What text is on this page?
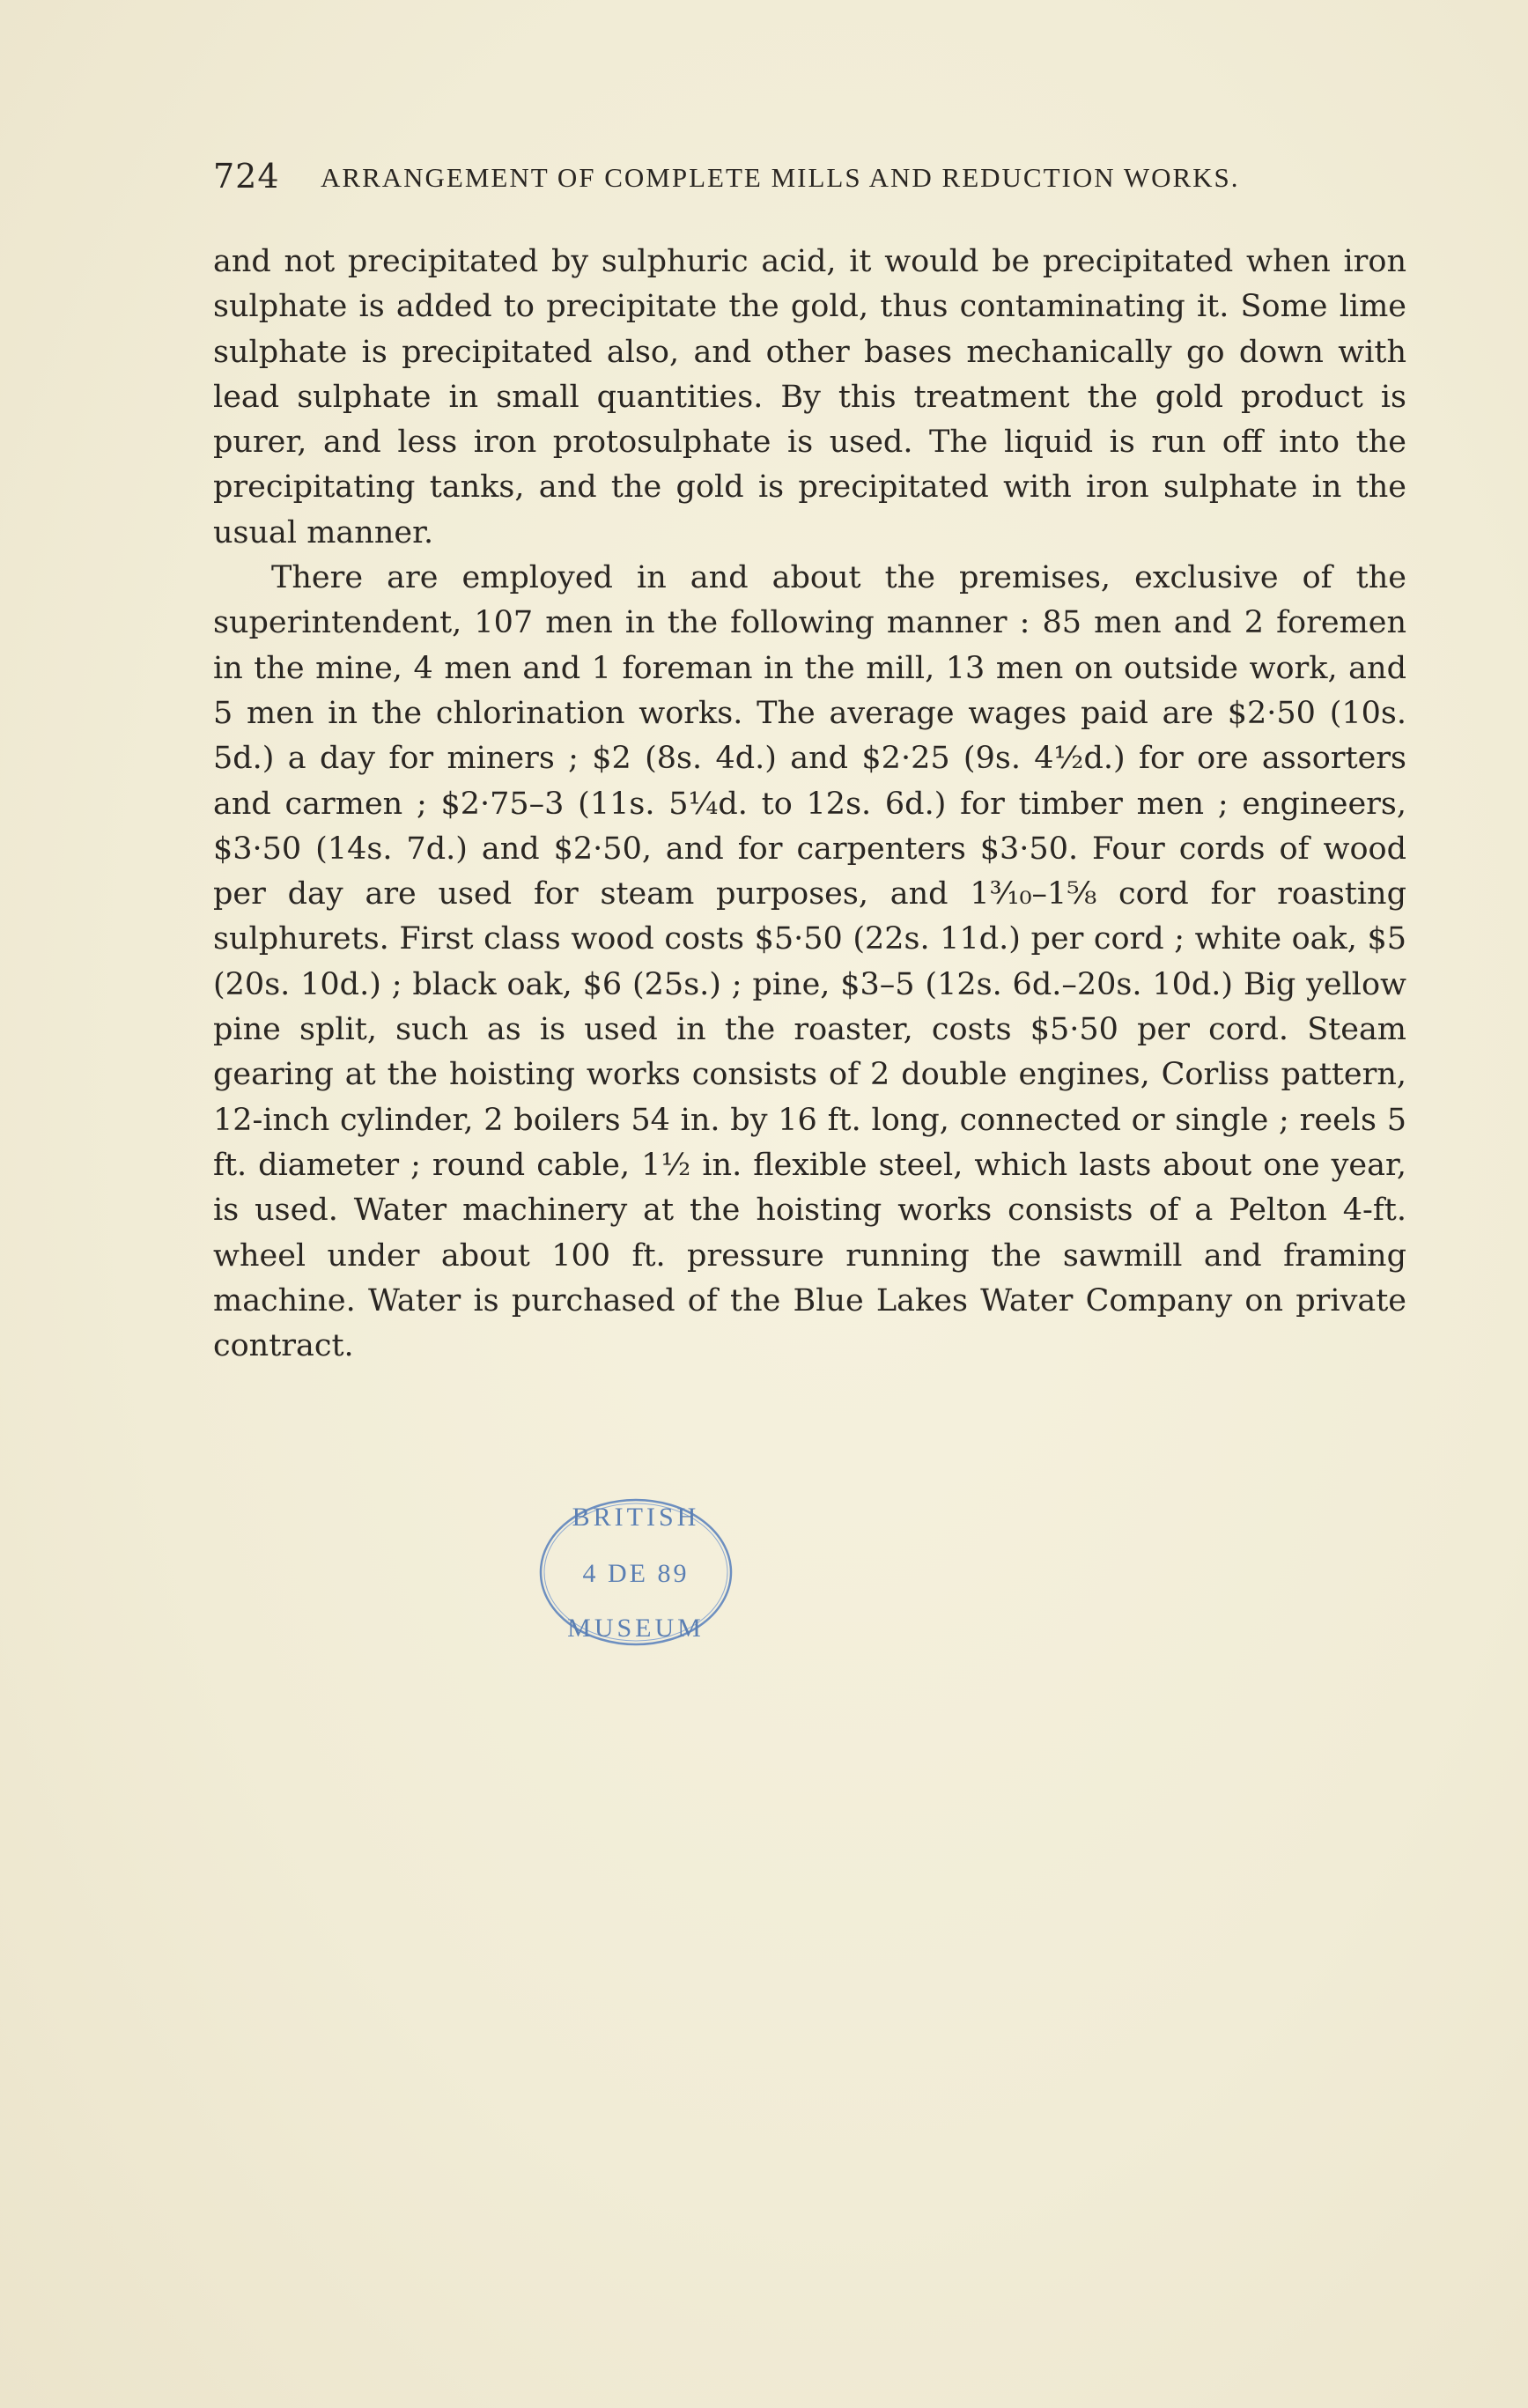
724 ARRANGEMENT OF COMPLETE MILLS AND REDUCTION WORKS.

and not precipitated by sulphuric acid, it would be precipitated when iron sulphate is added to precipitate the gold, thus contaminating it. Some lime sulphate is precipitated also, and other bases mechanically go down with lead sulphate in small quantities. By this treatment the gold product is purer, and less iron protosulphate is used. The liquid is run off into the precipitating tanks, and the gold is precipitated with iron sulphate in the usual manner.

There are employed in and about the premises, exclusive of the superintendent, 107 men in the following manner : 85 men and 2 foremen in the mine, 4 men and 1 foreman in the mill, 13 men on outside work, and 5 men in the chlorination works. The average wages paid are $2·50 (10s. 5d.) a day for miners ; $2 (8s. 4d.) and $2·25 (9s. 4½d.) for ore assorters and carmen ; $2·75–3 (11s. 5¼d. to 12s. 6d.) for timber men ; engineers, $3·50 (14s. 7d.) and $2·50, and for carpenters $3·50. Four cords of wood per day are used for steam purposes, and 1³⁄₁₀–1⅝ cord for roasting sulphurets. First class wood costs $5·50 (22s. 11d.) per cord ; white oak, $5 (20s. 10d.) ; black oak, $6 (25s.) ; pine, $3–5 (12s. 6d.–20s. 10d.) Big yellow pine split, such as is used in the roaster, costs $5·50 per cord. Steam gearing at the hoisting works consists of 2 double engines, Corliss pattern, 12-inch cylinder, 2 boilers 54 in. by 16 ft. long, connected or single ; reels 5 ft. diameter ; round cable, 1½ in. flexible steel, which lasts about one year, is used. Water machinery at the hoisting works consists of a Pelton 4-ft. wheel under about 100 ft. pressure running the sawmill and framing machine. Water is purchased of the Blue Lakes Water Company on private contract.

BRITISH
4 DE 89
MUSEUM
